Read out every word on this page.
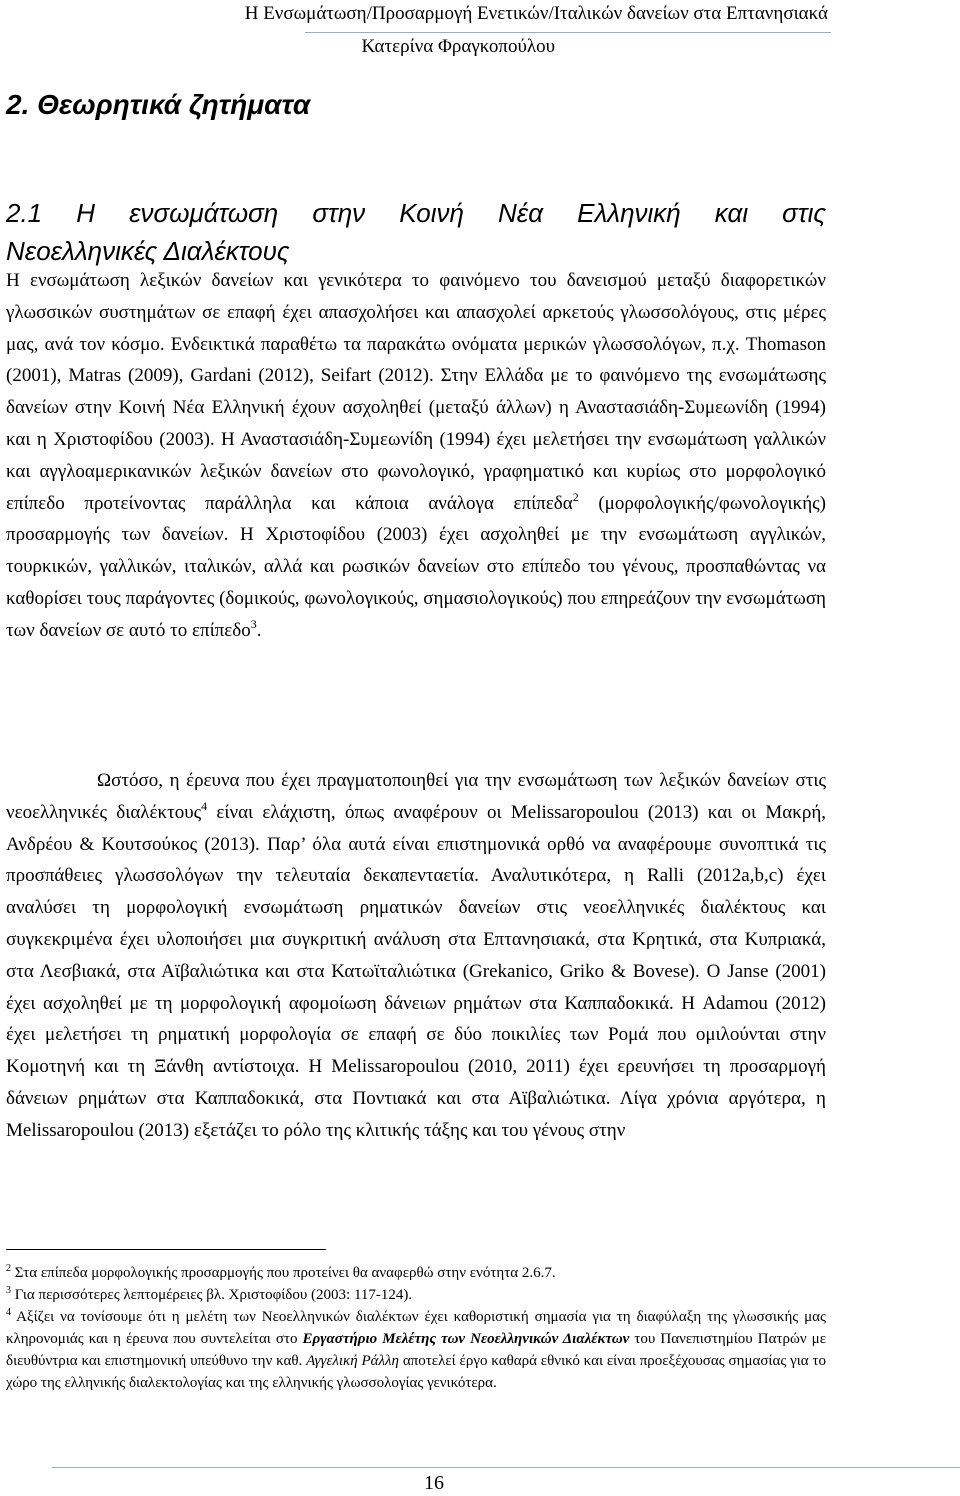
Η Ενσωμάτωση/Προσαρμογή Ενετικών/Ιταλικών δανείων στα Επτανησιακά
Κατερίνα Φραγκοπούλου
2. Θεωρητικά ζητήματα
2.1 Η ενσωμάτωση στην Κοινή Νέα Ελληνική και στις
Νεοελληνικές Διαλέκτους

Η ενσωμάτωση λεξικών δανείων και γενικότερα το φαινόμενο του δανεισμού μεταξύ διαφορετικών γλωσσικών συστημάτων σε επαφή έχει απασχολήσει και απασχολεί αρκετούς γλωσσολόγους, στις μέρες μας, ανά τον κόσμο. Ενδεικτικά παραθέτω τα παρακάτω ονόματα μερικών γλωσσολόγων, π.χ. Thomason (2001), Matras (2009), Gardani (2012), Seifart (2012). Στην Ελλάδα με το φαινόμενο της ενσωμάτωσης δανείων στην Κοινή Νέα Ελληνική έχουν ασχοληθεί (μεταξύ άλλων) η Αναστασιάδη-Συμεωνίδη (1994) και η Χριστοφίδου (2003). Η Αναστασιάδη-Συμεωνίδη (1994) έχει μελετήσει την ενσωμάτωση γαλλικών και αγγλοαμερικανικών λεξικών δανείων στο φωνολογικό, γραφηματικό και κυρίως στο μορφολογικό επίπεδο προτείνοντας παράλληλα και κάποια ανάλογα επίπεδα$^2$ (μορφολογικής/φωνολογικής) προσαρμογής των δανείων. Η Χριστοφίδου (2003) έχει ασχοληθεί με την ενσωμάτωση αγγλικών, τουρκικών, γαλλικών, ιταλικών, αλλά και ρωσικών δανείων στο επίπεδο του γένους, προσπαθώντας να καθορίσει τους παράγοντες (δομικούς, φωνολογικούς, σημασιολογικούς) που επηρεάζουν την ενσωμάτωση των δανείων σε αυτό το επίπεδο$^3$.

Ωστόσο, η έρευνα που έχει πραγματοποιηθεί για την ενσωμάτωση των λεξικών δανείων στις νεοελληνικές διαλέκτους$^4$ είναι ελάχιστη, όπως αναφέρουν οι Melissaropoulou (2013) και οι Μακρή, Ανδρέου & Κουτσούκος (2013). Παρ’ όλα αυτά είναι επιστημονικά ορθό να αναφέρουμε συνοπτικά τις προσπάθειες γλωσσολόγων την τελευταία δεκαπενταετία. Αναλυτικότερα, η Ralli (2012a,b,c) έχει αναλύσει τη μορφολογική ενσωμάτωση ρηματικών δανείων στις νεοελληνικές διαλέκτους και συγκεκριμένα έχει υλοποιήσει μια συγκριτική ανάλυση στα Επτανησιακά, στα Κρητικά, στα Κυπριακά, στα Λεσβιακά, στα Αϊβαλιώτικα και στα Κατωϊταλιώτικα (Grekanico, Griko & Bovese). Ο Janse (2001) έχει ασχοληθεί με τη μορφολογική αφομοίωση δάνειων ρημάτων στα Καππαδοκικά. Η Adamou (2012) έχει μελετήσει τη ρηματική μορφολογία σε επαφή σε δύο ποικιλίες των Ρομά που ομιλούνται στην Κομοτηνή και τη Ξάνθη αντίστοιχα. Η Melissaropoulou (2010, 2011) έχει ερευνήσει τη προσαρμογή δάνειων ρημάτων στα Καππαδοκικά, στα Ποντιακά και στα Αϊβαλιώτικα. Λίγα χρόνια αργότερα, η Melissaropoulou (2013) εξετάζει το ρόλο της κλιτικής τάξης και του γένους στην

$^2$ Στα επίπεδα μορφολογικής προσαρμογής που προτείνει θα αναφερθώ στην ενότητα 2.6.7.

$^3$ Για περισσότερες λεπτομέρειες βλ. Χριστοφίδου (2003: 117-124).

$^4$ Αξίζει να τονίσουμε ότι η μελέτη των Νεοελληνικών διαλέκτων έχει καθοριστική σημασία για τη διαφύλαξη της γλωσσικής μας κληρονομιάς και η έρευνα που συντελείται στο Εργαστήριο Μελέτης των Νεοελληνικών Διαλέκτων του Πανεπιστημίου Πατρών με διευθύντρια και επιστημονική υπεύθυνο την καθ. Αγγελική Ράλλη αποτελεί έργο καθαρά εθνικό και είναι προεξέχουσας σημασίας για το χώρο της ελληνικής διαλεκτολογίας και της ελληνικής γλωσσολογίας γενικότερα.

16
